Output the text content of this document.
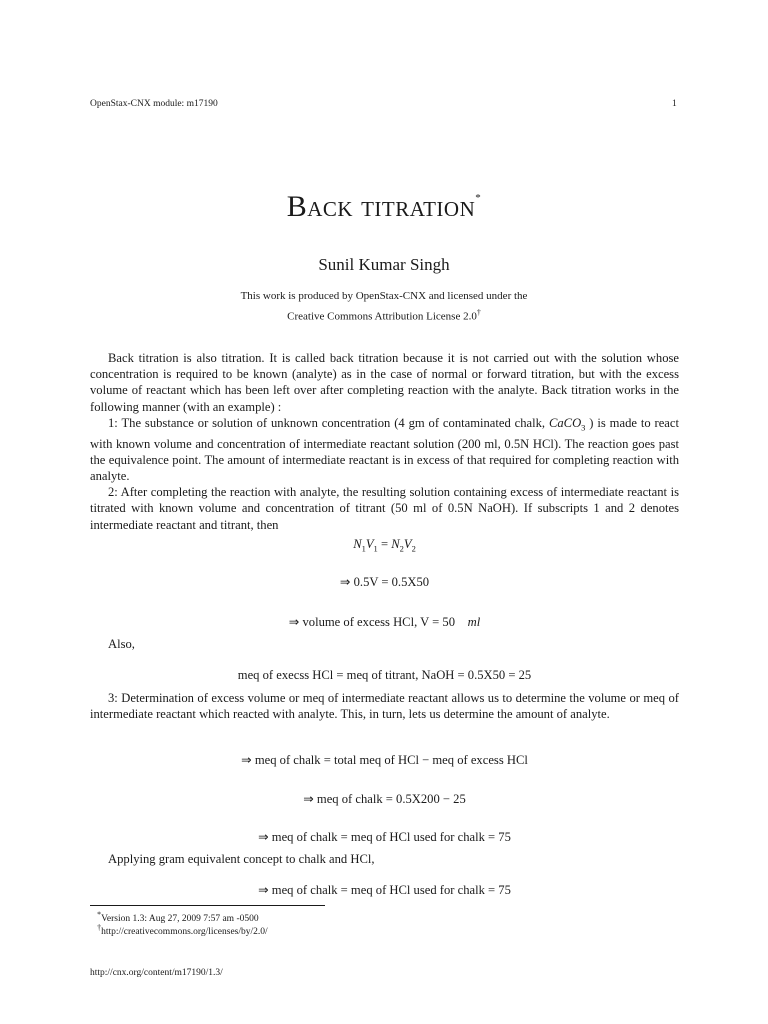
OpenStax-CNX module: m17190	1
Back titration*
Sunil Kumar Singh
This work is produced by OpenStax-CNX and licensed under the
Creative Commons Attribution License 2.0†

Back titration is also titration. It is called back titration because it is not carried out with the solution whose concentration is required to be known (analyte) as in the case of normal or forward titration, but with the excess volume of reactant which has been left over after completing reaction with the analyte. Back titration works in the following manner (with an example) :

1: The substance or solution of unknown concentration (4 gm of contaminated chalk, CaCO$_3$ ) is made to react with known volume and concentration of intermediate reactant solution (200 ml, 0.5N HCl). The reaction goes past the equivalence point. The amount of intermediate reactant is in excess of that required for completing reaction with analyte.

2: After completing the reaction with analyte, the resulting solution containing excess of intermediate reactant is titrated with known volume and concentration of titrant (50 ml of 0.5N NaOH). If subscripts 1 and 2 denotes intermediate reactant and titrant, then

$N_1V_1 = N_2V_2$
⇒ 0.5V = 0.5X50
⇒ volume of excess HCl, V = 50 ml

Also,

meq of execss HCl = meq of titrant, NaOH = 0.5X50 = 25

3: Determination of excess volume or meq of intermediate reactant allows us to determine the volume or meq of intermediate reactant which reacted with analyte. This, in turn, lets us determine the amount of analyte.

⇒ meq of chalk = total meq of HCl − meq of excess HCl
⇒ meq of chalk = 0.5X200 − 25
⇒ meq of chalk = meq of HCl used for chalk = 75

Applying gram equivalent concept to chalk and HCl,

⇒ meq of chalk = meq of HCl used for chalk = 75
*Version 1.3: Aug 27, 2009 7:57 am -0500
†http://creativecommons.org/licenses/by/2.0/
http://cnx.org/content/m17190/1.3/
